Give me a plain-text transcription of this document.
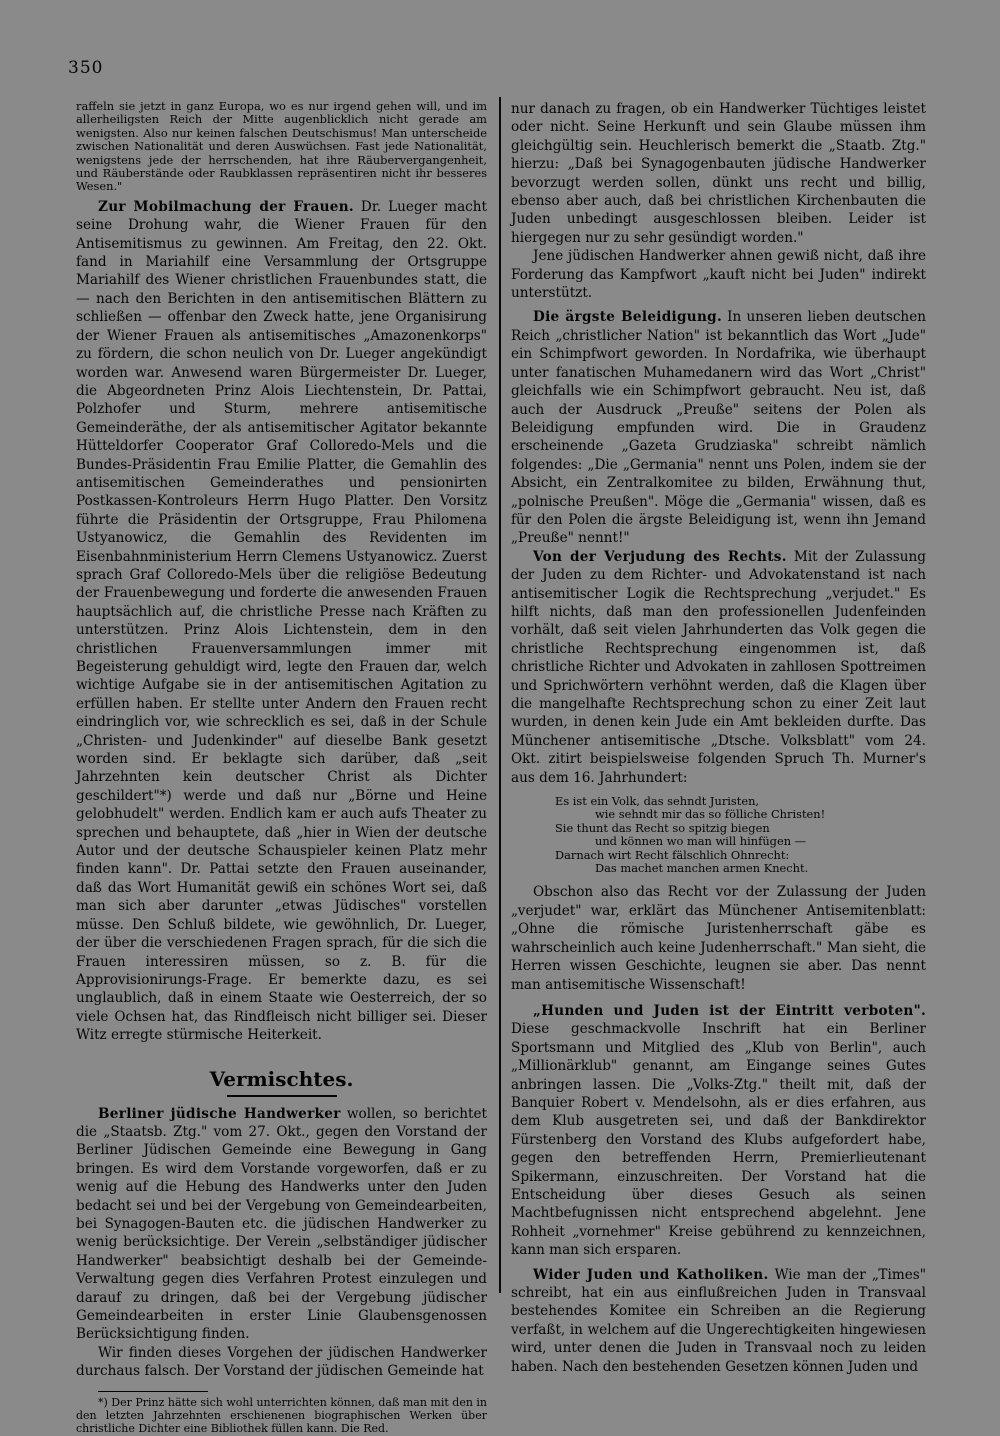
350

raffeln sie jetzt in ganz Europa, wo es nur irgend gehen will, und im allerheiligsten Reich der Mitte augenblicklich nicht gerade am wenigsten. Also nur keinen falschen Deutschismus! Man unterscheide zwischen Nationalität und deren Auswüchsen. Fast jede Nationalität, wenigstens jede der herrschenden, hat ihre Räubervergangenheit, und Räuberstände oder Raubklassen repräsentiren nicht ihr besseres Wesen."

Zur Mobilmachung der Frauen. Dr. Lueger macht seine Drohung wahr, die Wiener Frauen für den Antisemitismus zu gewinnen. Am Freitag, den 22. Okt. fand in Mariahilf eine Versammlung der Ortsgruppe Mariahilf des Wiener christlichen Frauenbundes statt, die — nach den Berichten in den antisemitischen Blättern zu schließen — offenbar den Zweck hatte, jene Organisirung der Wiener Frauen als antisemitisches „Amazonenkorps" zu fördern, die schon neulich von Dr. Lueger angekündigt worden war. Anwesend waren Bürgermeister Dr. Lueger, die Abgeordneten Prinz Alois Liechtenstein, Dr. Pattai, Polzhofer und Sturm, mehrere antisemitische Gemeinderäthe, der als antisemitischer Agitator bekannte Hütteldorfer Cooperator Graf Colloredo-Mels und die Bundes-Präsidentin Frau Emilie Platter, die Gemahlin des antisemitischen Gemeinderathes und pensionirten Postkassen-Kontroleurs Herrn Hugo Platter. Den Vorsitz führte die Präsidentin der Ortsgruppe, Frau Philomena Ustyanowicz, die Gemahlin des Revidenten im Eisenbahnministerium Herrn Clemens Ustyanowicz. Zuerst sprach Graf Colloredo-Mels über die religiöse Bedeutung der Frauenbewegung und forderte die anwesenden Frauen hauptsächlich auf, die christliche Presse nach Kräften zu unterstützen. Prinz Alois Lichtenstein, dem in den christlichen Frauenversammlungen immer mit Begeisterung gehuldigt wird, legte den Frauen dar, welch wichtige Aufgabe sie in der antisemitischen Agitation zu erfüllen haben. Er stellte unter Andern den Frauen recht eindringlich vor, wie schrecklich es sei, daß in der Schule „Christen- und Judenkinder" auf dieselbe Bank gesetzt worden sind. Er beklagte sich darüber, daß „seit Jahrzehnten kein deutscher Christ als Dichter geschildert"*) werde und daß nur „Börne und Heine gelobhudelt" werden. Endlich kam er auch aufs Theater zu sprechen und behauptete, daß „hier in Wien der deutsche Autor und der deutsche Schauspieler keinen Platz mehr finden kann". Dr. Pattai setzte den Frauen auseinander, daß das Wort Humanität gewiß ein schönes Wort sei, daß man sich aber darunter „etwas Jüdisches" vorstellen müsse. Den Schluß bildete, wie gewöhnlich, Dr. Lueger, der über die verschiedenen Fragen sprach, für die sich die Frauen interessiren müssen, so z. B. für die Approvisionirungs-Frage. Er bemerkte dazu, es sei unglaublich, daß in einem Staate wie Oesterreich, der so viele Ochsen hat, das Rindfleisch nicht billiger sei. Dieser Witz erregte stürmische Heiterkeit.

Vermischtes.

Berliner jüdische Handwerker wollen, so berichtet die „Staatsb. Ztg." vom 27. Okt., gegen den Vorstand der Berliner Jüdischen Gemeinde eine Bewegung in Gang bringen. Es wird dem Vorstande vorgeworfen, daß er zu wenig auf die Hebung des Handwerks unter den Juden bedacht sei und bei der Vergebung von Gemeindearbeiten, bei Synagogen-Bauten etc. die jüdischen Handwerker zu wenig berücksichtige. Der Verein „selbständiger jüdischer Handwerker" beabsichtigt deshalb bei der Gemeinde-Verwaltung gegen dies Verfahren Protest einzulegen und darauf zu dringen, daß bei der Vergebung jüdischer Gemeindearbeiten in erster Linie Glaubensgenossen Berücksichtigung finden.

Wir finden dieses Vorgehen der jüdischen Handwerker durchaus falsch. Der Vorstand der jüdischen Gemeinde hat

*) Der Prinz hätte sich wohl unterrichten können, daß man mit den in den letzten Jahrzehnten erschienenen biographischen Werken über christliche Dichter eine Bibliothek füllen kann. Die Red.

nur danach zu fragen, ob ein Handwerker Tüchtiges leistet oder nicht. Seine Herkunft und sein Glaube müssen ihm gleichgültig sein. Heuchlerisch bemerkt die „Staatb. Ztg." hierzu: „Daß bei Synagogenbauten jüdische Handwerker bevorzugt werden sollen, dünkt uns recht und billig, ebenso aber auch, daß bei christlichen Kirchenbauten die Juden unbedingt ausgeschlossen bleiben. Leider ist hiergegen nur zu sehr gesündigt worden."

Jene jüdischen Handwerker ahnen gewiß nicht, daß ihre Forderung das Kampfwort „kauft nicht bei Juden" indirekt unterstützt.

Die ärgste Beleidigung. In unseren lieben deutschen Reich „christlicher Nation" ist bekanntlich das Wort „Jude" ein Schimpfwort geworden. In Nordafrika, wie überhaupt unter fanatischen Muhamedanern wird das Wort „Christ" gleichfalls wie ein Schimpfwort gebraucht. Neu ist, daß auch der Ausdruck „Preuße" seitens der Polen als Beleidigung empfunden wird. Die in Graudenz erscheinende „Gazeta Grudziaska" schreibt nämlich folgendes: „Die „Germania" nennt uns Polen, indem sie der Absicht, ein Zentralkomitee zu bilden, Erwähnung thut, „polnische Preußen". Möge die „Germania" wissen, daß es für den Polen die ärgste Beleidigung ist, wenn ihn Jemand „Preuße" nennt!"

Von der Verjudung des Rechts. Mit der Zulassung der Juden zu dem Richter- und Advokatenstand ist nach antisemitischer Logik die Rechtsprechung „verjudet." Es hilft nichts, daß man den professionellen Judenfeinden vorhält, daß seit vielen Jahrhunderten das Volk gegen die christliche Rechtsprechung eingenommen ist, daß christliche Richter und Advokaten in zahllosen Spottreimen und Sprichwörtern verhöhnt werden, daß die Klagen über die mangelhafte Rechtsprechung schon zu einer Zeit laut wurden, in denen kein Jude ein Amt bekleiden durfte. Das Münchener antisemitische „Dtsche. Volksblatt" vom 24. Okt. zitirt beispielsweise folgenden Spruch Th. Murner's aus dem 16. Jahrhundert:

Es ist ein Volk, das sehndt Juristen,
wie sehndt mir das so fölliche Christen!
Sie thunt das Recht so spitzig biegen
und können wo man will hinfügen —
Darnach wirt Recht fälschlich Ohnrecht:
Das machet manchen armen Knecht.

Obschon also das Recht vor der Zulassung der Juden „verjudet" war, erklärt das Münchener Antisemitenblatt: „Ohne die römische Juristenherrschaft gäbe es wahrscheinlich auch keine Judenherrschaft." Man sieht, die Herren wissen Geschichte, leugnen sie aber. Das nennt man antisemitische Wissenschaft!

„Hunden und Juden ist der Eintritt verboten". Diese geschmackvolle Inschrift hat ein Berliner Sportsmann und Mitglied des „Klub von Berlin", auch „Millionärklub" genannt, am Eingange seines Gutes anbringen lassen. Die „Volks-Ztg." theilt mit, daß der Banquier Robert v. Mendelsohn, als er dies erfahren, aus dem Klub ausgetreten sei, und daß der Bankdirektor Fürstenberg den Vorstand des Klubs aufgefordert habe, gegen den betreffenden Herrn, Premierlieutenant Spikermann, einzuschreiten. Der Vorstand hat die Entscheidung über dieses Gesuch als seinen Machtbefugnissen nicht entsprechend abgelehnt. Jene Rohheit „vornehmer" Kreise gebührend zu kennzeichnen, kann man sich ersparen.

Wider Juden und Katholiken. Wie man der „Times" schreibt, hat ein aus einflußreichen Juden in Transvaal bestehendes Komitee ein Schreiben an die Regierung verfaßt, in welchem auf die Ungerechtigkeiten hingewiesen wird, unter denen die Juden in Transvaal noch zu leiden haben. Nach den bestehenden Gesetzen können Juden und
